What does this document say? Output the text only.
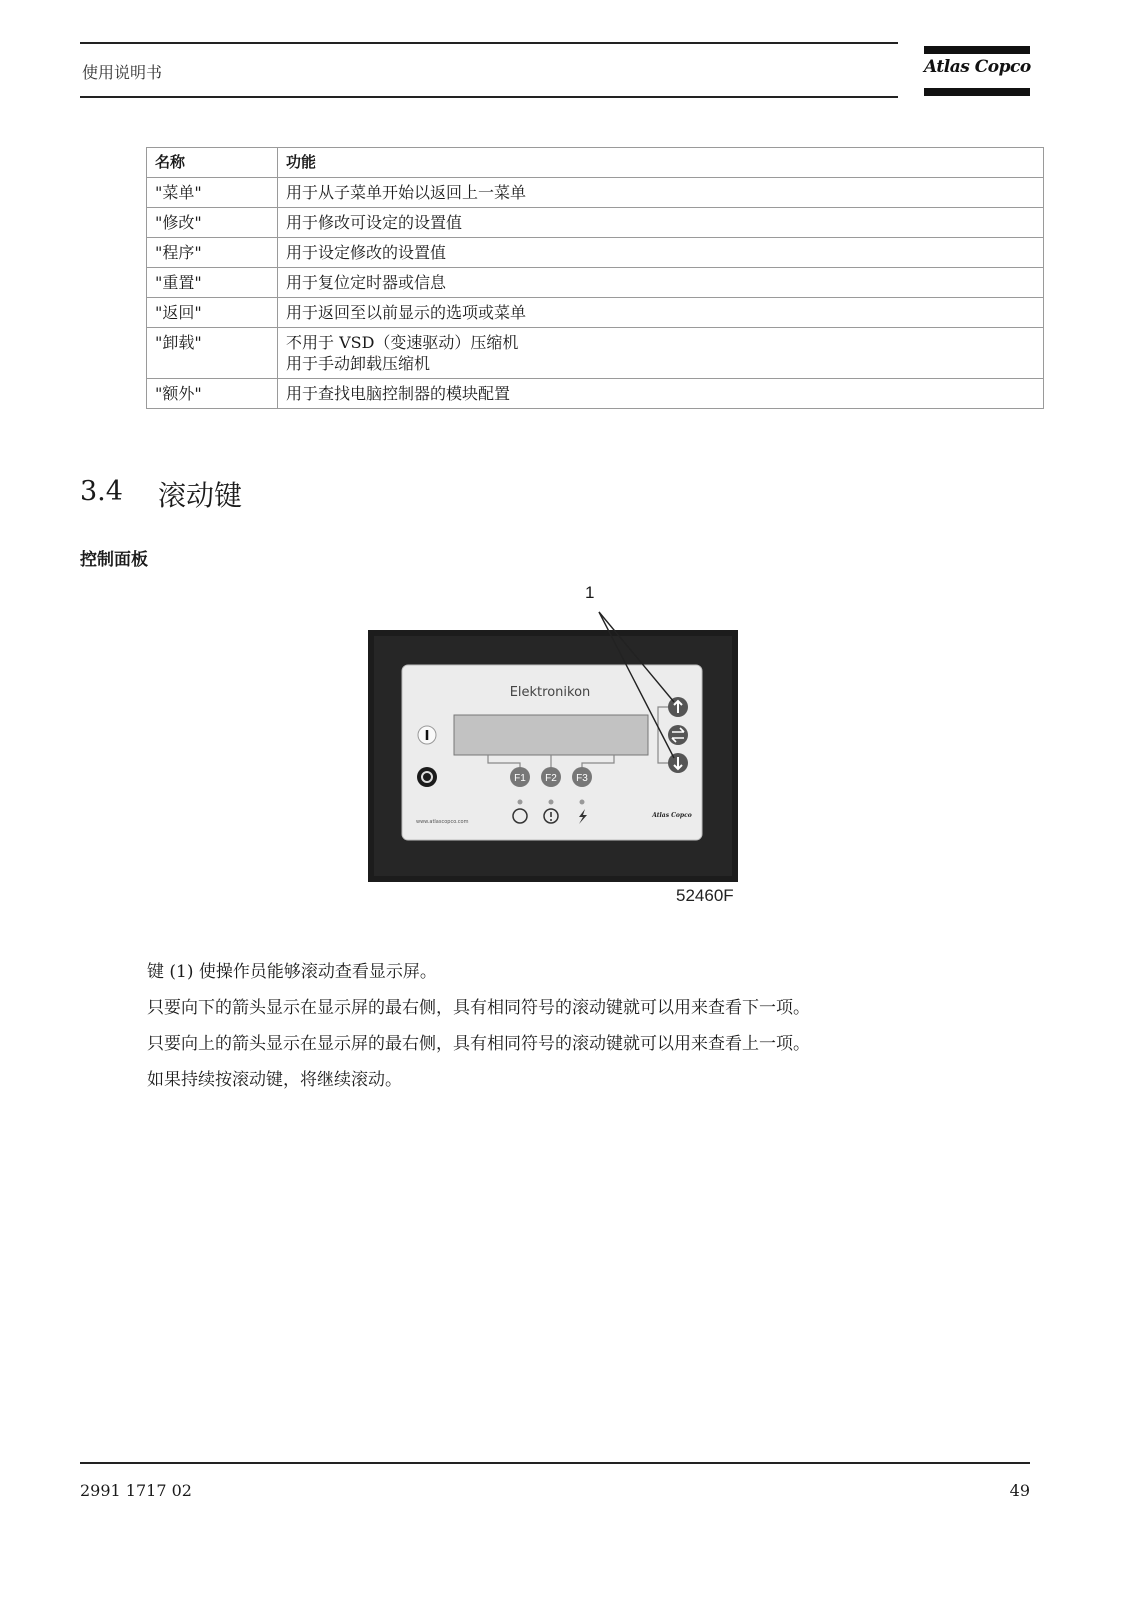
使用说明书	Atlas Copco
名称	功能
"菜单"	用于从子菜单开始以返回上一菜单
"修改"	用于修改可设定的设置值
"程序"	用于设定修改的设置值
"重置"	用于复位定时器或信息
"返回"	用于返回至以前显示的选项或菜单
"卸载"	不用于 VSD（变速驱动）压缩机
用于手动卸载压缩机

"额外"	用于查找电脑控制器的模块配置
3.4 滚动键
控制面板
1
Elektronikon
F1 F2 F3
www.atlascopco.com
Atlas Copco
52460F
键 (1) 使操作员能够滚动查看显示屏。
只要向下的箭头显示在显示屏的最右侧，具有相同符号的滚动键就可以用来查看下一项。
只要向上的箭头显示在显示屏的最右侧，具有相同符号的滚动键就可以用来查看上一项。
如果持续按滚动键，将继续滚动。
2991 1717 02	49
